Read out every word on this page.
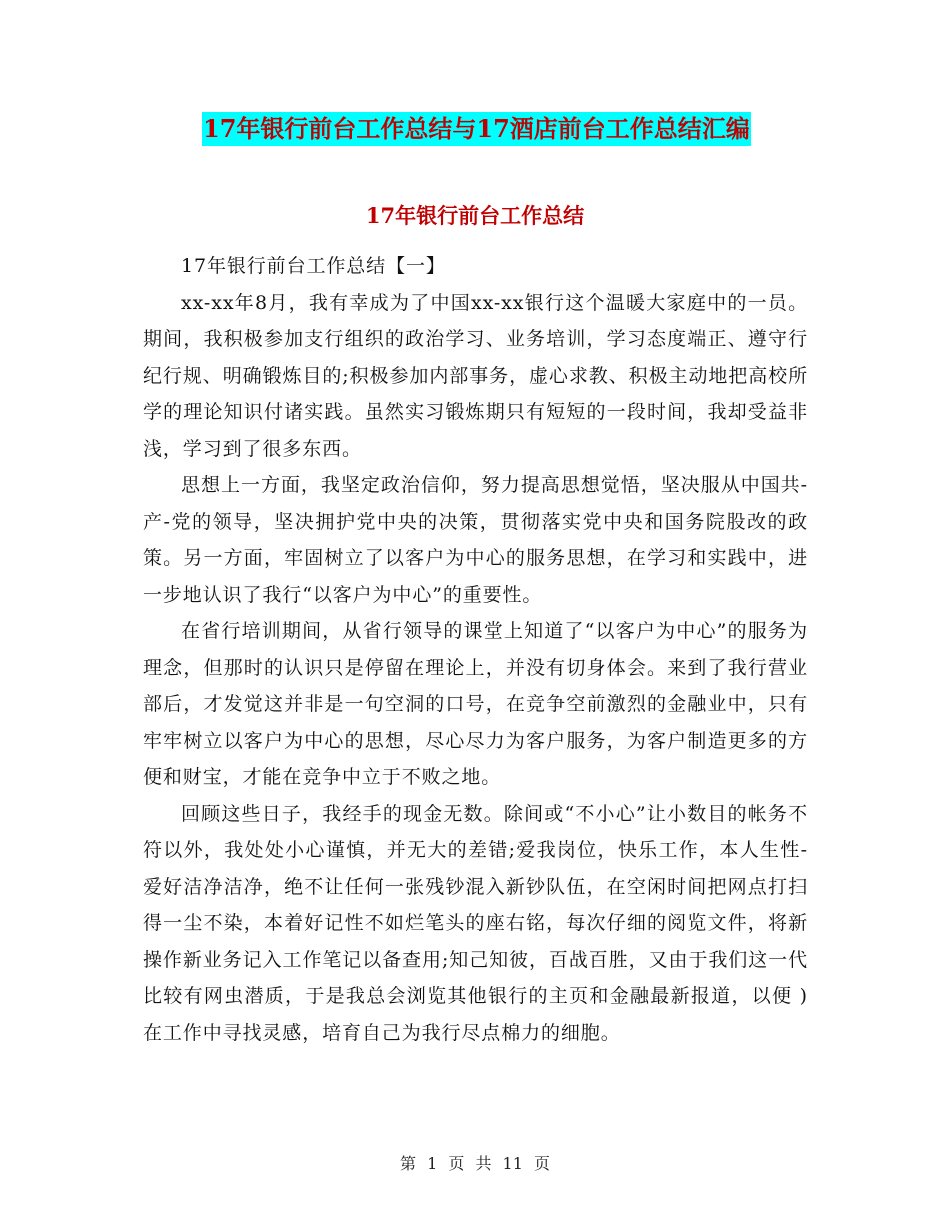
17年银行前台工作总结与17酒店前台工作总结汇编
17年银行前台工作总结

17年银行前台工作总结【一】

xx-xx年8月，我有幸成为了中国xx-xx银行这个温暖大家庭中的一员。期间，我积极参加支行组织的政治学习、业务培训，学习态度端正、遵守行纪行规、明确锻炼目的;积极参加内部事务，虚心求教、积极主动地把高校所学的理论知识付诸实践。虽然实习锻炼期只有短短的一段时间，我却受益非浅，学习到了很多东西。

思想上一方面，我坚定政治信仰，努力提高思想觉悟，坚决服从中国共-产-党的领导，坚决拥护党中央的决策，贯彻落实党中央和国务院股改的政策。另一方面，牢固树立了以客户为中心的服务思想，在学习和实践中，进一步地认识了我行“以客户为中心”的重要性。

在省行培训期间，从省行领导的课堂上知道了“以客户为中心”的服务为理念，但那时的认识只是停留在理论上，并没有切身体会。来到了我行营业部后，才发觉这并非是一句空洞的口号，在竞争空前激烈的金融业中，只有牢牢树立以客户为中心的思想，尽心尽力为客户服务，为客户制造更多的方便和财宝，才能在竞争中立于不败之地。

回顾这些日子，我经手的现金无数。除间或“不小心”让小数目的帐务不符以外，我处处小心谨慎，并无大的差错;爱我岗位，快乐工作，本人生性-爱好洁净洁净，绝不让任何一张残钞混入新钞队伍，在空闲时间把网点打扫得一尘不染，本着好记性不如烂笔头的座右铭，每次仔细的阅览文件，将新操作新业务记入工作笔记以备查用;知己知彼，百战百胜，又由于我们这一代比较有网虫潜质，于是我总会浏览其他银行的主页和金融最新报道，以便 )在工作中寻找灵感，培育自己为我行尽点棉力的细胞。

第 1 页 共 11 页
